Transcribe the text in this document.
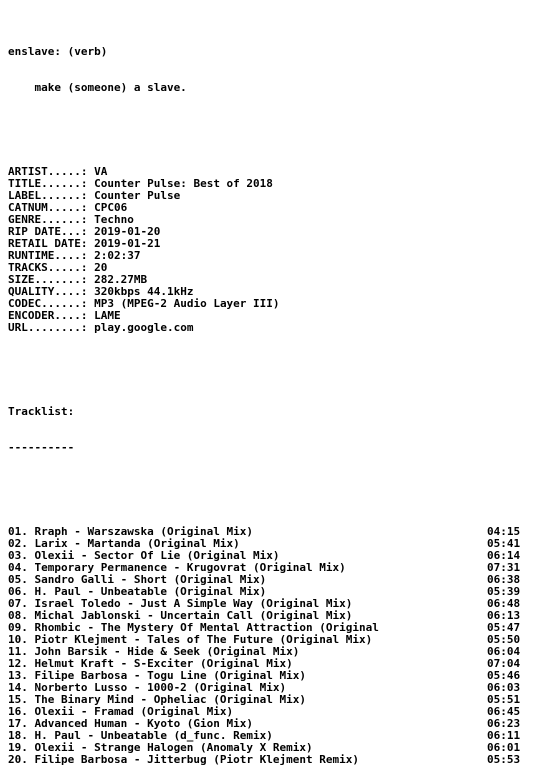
enslave: (verb)

make (someone) a slave.

ARTIST.....: VA
TITLE......: Counter Pulse: Best of 2018
LABEL......: Counter Pulse
CATNUM.....: CPC06
GENRE......: Techno
RIP DATE...: 2019-01-20
RETAIL DATE: 2019-01-21
RUNTIME....: 2:02:37
TRACKS.....: 20
SIZE.......: 282.27MB
QUALITY....: 320kbps 44.1kHz
CODEC......: MP3 (MPEG-2 Audio Layer III)
ENCODER....: LAME
URL........: play.google.com

Tracklist:

----------

01. Rraph - Warszawska (Original Mix)	04:15
02. Larix - Martanda (Original Mix)	05:41
03. Olexii - Sector Of Lie (Original Mix)	06:14
04. Temporary Permanence - Krugovrat (Original Mix)	07:31
05. Sandro Galli - Short (Original Mix)	06:38
06. H. Paul - Unbeatable (Original Mix)	05:39
07. Israel Toledo - Just A Simple Way (Original Mix)	06:48
08. Michal Jablonski - Uncertain Call (Original Mix)	06:13
09. Rhombic - The Mystery Of Mental Attraction (Original	05:47
10. Piotr Klejment - Tales of The Future (Original Mix)	05:50
11. John Barsik - Hide & Seek (Original Mix)	06:04
12. Helmut Kraft - S-Exciter (Original Mix)	07:04
13. Filipe Barbosa - Togu Line (Original Mix)	05:46
14. Norberto Lusso - 1000-2 (Original Mix)	06:03
15. The Binary Mind - Opheliac (Original Mix)	05:51
16. Olexii - Framad (Original Mix)	06:45
17. Advanced Human - Kyoto (Gion Mix)	06:23
18. H. Paul - Unbeatable (d_func. Remix)	06:11
19. Olexii - Strange Halogen (Anomaly X Remix)	06:01
20. Filipe Barbosa - Jitterbug (Piotr Klejment Remix)	05:53
